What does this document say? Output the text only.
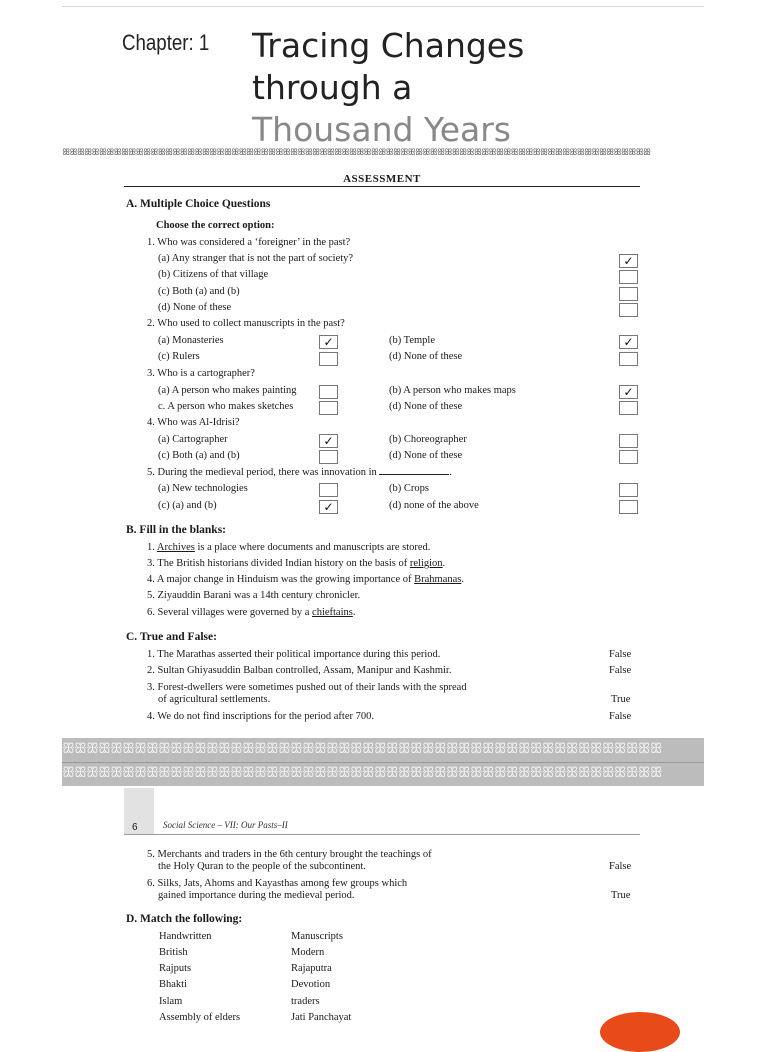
Chapter: 1 Tracing Changes
through a
Thousand Years
ꕥꕥꕥꕥꕥꕥꕥꕥꕥꕥꕥꕥꕥꕥꕥꕥꕥꕥꕥꕥꕥꕥꕥꕥꕥꕥꕥꕥꕥꕥꕥꕥꕥꕥꕥꕥꕥꕥꕥꕥꕥꕥꕥꕥꕥꕥꕥꕥꕥꕥꕥꕥꕥꕥꕥꕥꕥꕥꕥꕥꕥꕥꕥꕥꕥꕥꕥꕥꕥꕥꕥꕥꕥꕥꕥꕥꕥꕥꕥꕥ
ASSESSMENT
A. Multiple Choice Questions
Choose the correct option:
1. Who was considered a ‘foreigner’ in the past?
(a) Any stranger that is not the part of society?	✓
(b) Citizens of that village
(c) Both (a) and (b)
(d) None of these
2. Who used to collect manuscripts in the past?
(a) Monasteries	✓	(b) Temple	✓
(c) Rulers	(d) None of these
3. Who is a cartographer?
(a) A person who makes painting	(b) A person who makes maps	✓
c. A person who makes sketches	(d) None of these
4. Who was Al-Idrisi?
(a) Cartographer	✓	(b) Choreographer
(c) Both (a) and (b)	(d) None of these
5. During the medieval period, there was innovation in	.
(a) New technologies	(b) Crops
(c) (a) and (b)	✓	(d) none of the above
B. Fill in the blanks:
1. Archives is a place where documents and manuscripts are stored.
3. The British historians divided Indian history on the basis of religion.
4. A major change in Hinduism was the growing importance of Brahmanas.
5. Ziyauddin Barani was a 14th century chronicler.
6. Several villages were governed by a chieftains.
C. True and False:
1. The Marathas asserted their political importance during this period.	False
2. Sultan Ghiyasuddin Balban controlled, Assam, Manipur and Kashmir.	False
3. Forest-dwellers were sometimes pushed out of their lands with the spread
of agricultural settlements.	True
4. We do not find inscriptions for the period after 700.	False
ꕥꕥꕥꕥꕥꕥꕥꕥꕥꕥꕥꕥꕥꕥꕥꕥꕥꕥꕥꕥꕥꕥꕥꕥꕥꕥꕥꕥꕥꕥꕥꕥꕥꕥꕥꕥꕥꕥꕥꕥꕥꕥꕥꕥꕥꕥꕥꕥꕥꕥ
ꕥꕥꕥꕥꕥꕥꕥꕥꕥꕥꕥꕥꕥꕥꕥꕥꕥꕥꕥꕥꕥꕥꕥꕥꕥꕥꕥꕥꕥꕥꕥꕥꕥꕥꕥꕥꕥꕥꕥꕥꕥꕥꕥꕥꕥꕥꕥꕥꕥꕥ
6	Social Science – VII: Our Pasts–II
5. Merchants and traders in the 6th century brought the teachings of
the Holy Quran to the people of the subcontinent.	False
6. Silks, Jats, Ahoms and Kayasthas among few groups which
gained importance during the medieval period.	True
D. Match the following:
Handwritten	Manuscripts
British	Modern
Rajputs	Rajaputra
Bhakti	Devotion
Islam	traders
Assembly of elders	Jati Panchayat
